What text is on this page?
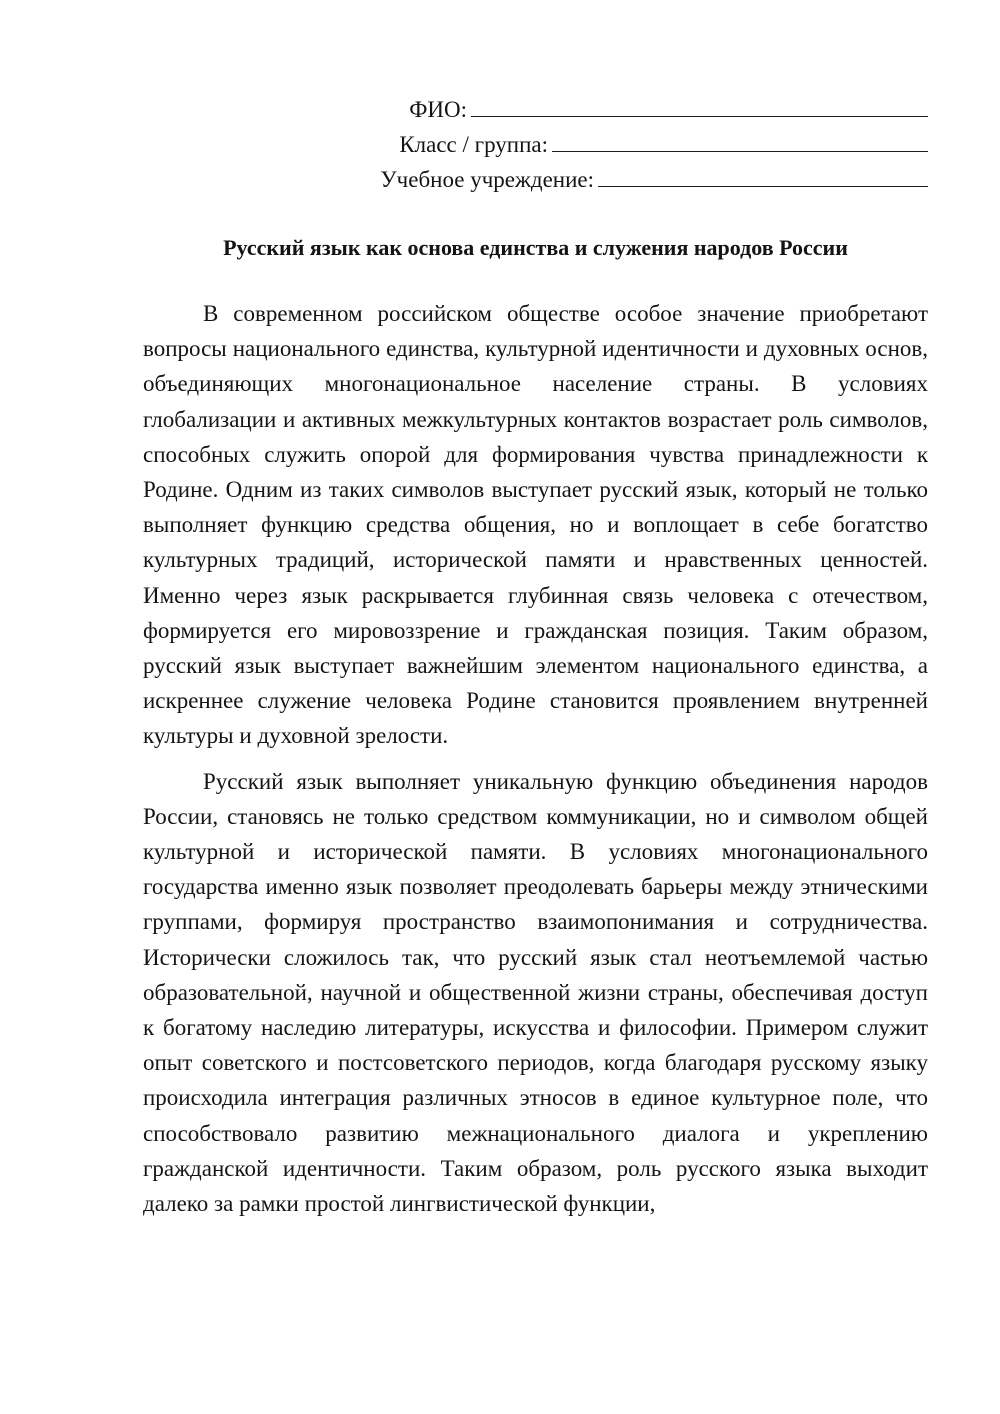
ФИО:
Класс / группа:
Учебное учреждение:
Русский язык как основа единства и служения народов России

В современном российском обществе особое значение приобретают вопросы национального единства, культурной идентичности и духовных основ, объединяющих многонациональное население страны. В условиях глобализации и активных межкультурных контактов возрастает роль символов, способных служить опорой для формирования чувства принадлежности к Родине. Одним из таких символов выступает русский язык, который не только выполняет функцию средства общения, но и воплощает в себе богатство культурных традиций, исторической памяти и нравственных ценностей. Именно через язык раскрывается глубинная связь человека с отечеством, формируется его мировоззрение и гражданская позиция. Таким образом, русский язык выступает важнейшим элементом национального единства, а искреннее служение человека Родине становится проявлением внутренней культуры и духовной зрелости.

Русский язык выполняет уникальную функцию объединения народов России, становясь не только средством коммуникации, но и символом общей культурной и исторической памяти. В условиях многонационального государства именно язык позволяет преодолевать барьеры между этническими группами, формируя пространство взаимопонимания и сотрудничества. Исторически сложилось так, что русский язык стал неотъемлемой частью образовательной, научной и общественной жизни страны, обеспечивая доступ к богатому наследию литературы, искусства и философии. Примером служит опыт советского и постсоветского периодов, когда благодаря русскому языку происходила интеграция различных этносов в единое культурное поле, что способствовало развитию межнационального диалога и укреплению гражданской идентичности. Таким образом, роль русского языка выходит далеко за рамки простой лингвистической функции,
